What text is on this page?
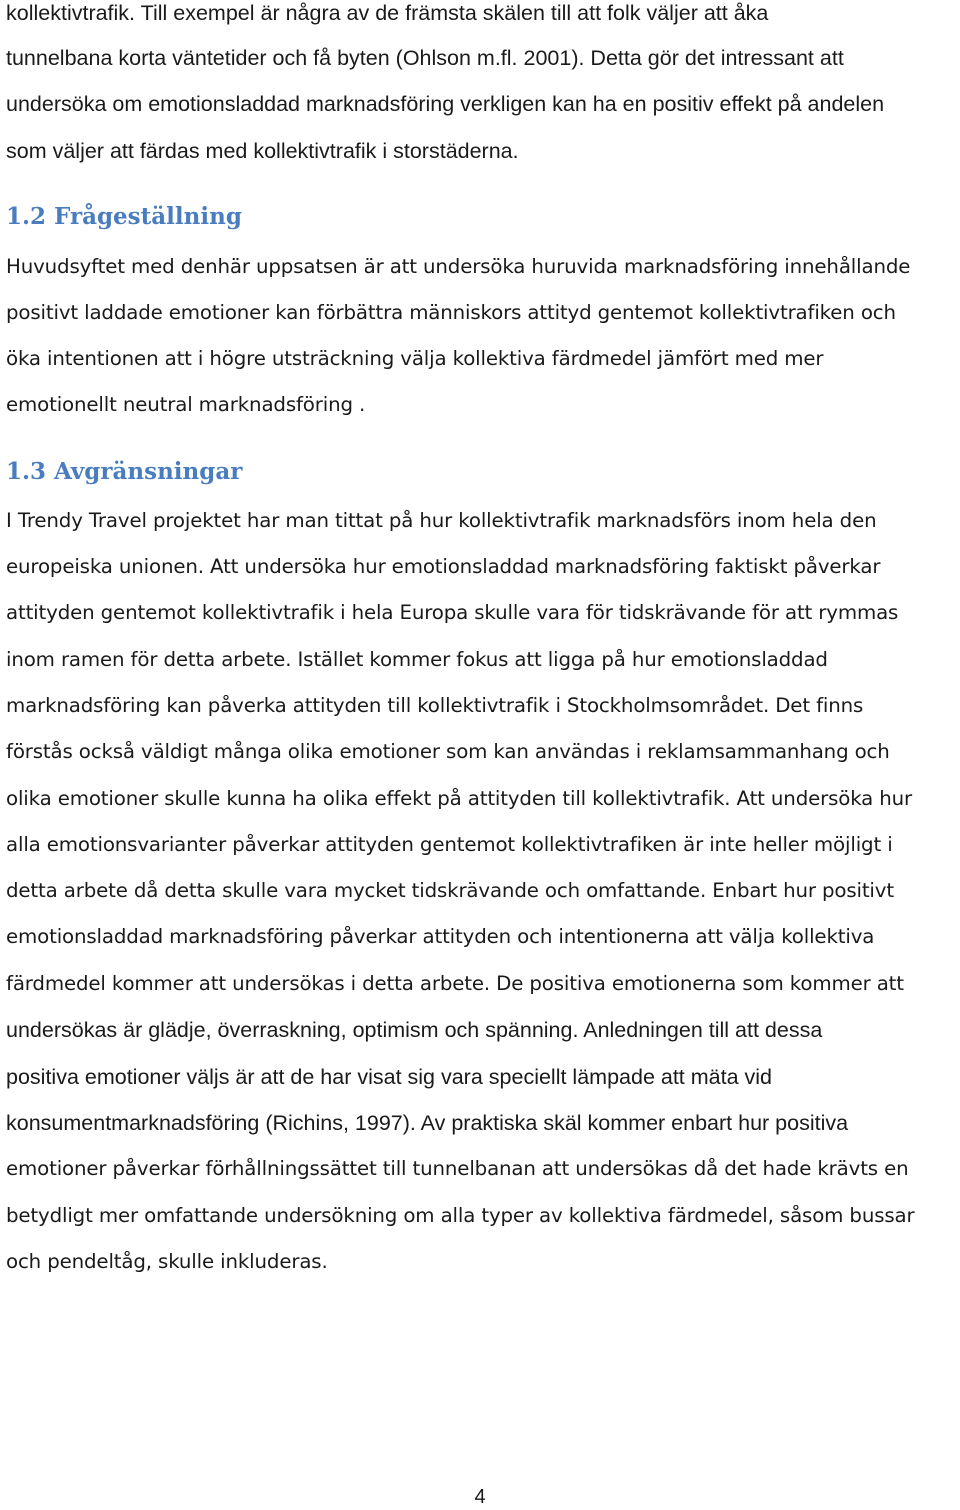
kollektivtrafik. Till exempel är några av de främsta skälen till att folk väljer att åka
tunnelbana korta väntetider och få byten (Ohlson m.fl. 2001). Detta gör det intressant att
undersöka om emotionsladdad marknadsföring verkligen kan ha en positiv effekt på andelen
som väljer att färdas med kollektivtrafik i storstäderna.
1.2 Frågeställning
Huvudsyftet med denhär uppsatsen är att undersöka huruvida marknadsföring innehållande
positivt laddade emotioner kan förbättra människors attityd gentemot kollektivtrafiken och
öka intentionen att i högre utsträckning välja kollektiva färdmedel jämfört med mer
emotionellt neutral marknadsföring .
1.3 Avgränsningar
I Trendy Travel projektet har man tittat på hur kollektivtrafik marknadsförs inom hela den
europeiska unionen. Att undersöka hur emotionsladdad marknadsföring faktiskt påverkar
attityden gentemot kollektivtrafik i hela Europa skulle vara för tidskrävande för att rymmas
inom ramen för detta arbete. Istället kommer fokus att ligga på hur emotionsladdad
marknadsföring kan påverka attityden till kollektivtrafik i Stockholmsområdet. Det finns
förstås också väldigt många olika emotioner som kan användas i reklamsammanhang och
olika emotioner skulle kunna ha olika effekt på attityden till kollektivtrafik. Att undersöka hur
alla emotionsvarianter påverkar attityden gentemot kollektivtrafiken är inte heller möjligt i
detta arbete då detta skulle vara mycket tidskrävande och omfattande. Enbart hur positivt
emotionsladdad marknadsföring påverkar attityden och intentionerna att välja kollektiva
färdmedel kommer att undersökas i detta arbete. De positiva emotionerna som kommer att
undersökas är glädje, överraskning, optimism och spänning. Anledningen till att dessa
positiva emotioner väljs är att de har visat sig vara speciellt lämpade att mäta vid
konsumentmarknadsföring (Richins, 1997). Av praktiska skäl kommer enbart hur positiva
emotioner påverkar förhållningssättet till tunnelbanan att undersökas då det hade krävts en
betydligt mer omfattande undersökning om alla typer av kollektiva färdmedel, såsom bussar
och pendeltåg, skulle inkluderas.
4
